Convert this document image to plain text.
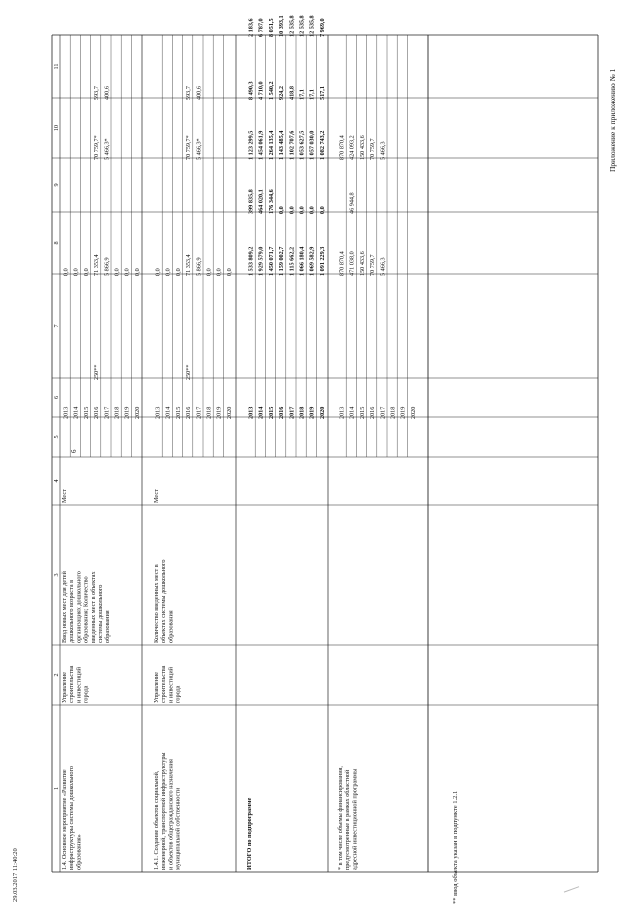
1
2
3
4
5
6
7
8
9
10
11
1.4. Основное мероприятие «Развитие инфраструктуры системы дошкольного образования»
Управление строительства и инвестиций города
Ввод новых мест для детей дошкольного возраста в организациях дошкольного образования; Количество введенных мест в объектах системы дошкольного образования
Мест
2013
0,0
2014
0,0
2015
0,0
2016
250**
71 353,4
70 759,7*
593,7
2017
5 866,9
5 466,3*
400,6
2018
0,0
2019
0,0
2020
0,0
1.4.1. Создание объектов социальной, инженерной, транспортной инфраструктуры и объектов общегражданского назначения муниципальной собственности
Управление строительства и инвестиций города
Количество введенных мест в объектах системы дошкольного образования
Мест
2013
0,0
2014
0,0
2015
0,0
2016
250**
71 353,4
70 759,7*
593,7
2017
5 866,9
5 466,3*
400,6
2018
0,0
2019
0,0
2020
0,0
ИТОГО по подпрограмме
2013
1 533 809,2
399 835,8
1 123 299,5
8 490,3
2 183,6
2014
1 929 579,0
464 020,1
1 454 061,9
4 710,0
6 787,0
2015
1 450 071,7
176 344,6
1 264 135,4
1 540,2
8 051,5
2016
1 159 002,7
0,0
1 143 485,4
924,2
10 393,1
2017
1 115 662,2
0,0
1 102 707,6
418,8
12 535,8
2018
1 066 180,4
0,0
1 053 627,5
17,1
12 535,8
2019
1 069 582,9
0,0
1 057 030,0
17,1
12 535,8
2020
1 091 229,3
0,0
1 082 743,2
517,1
7 969,0
* в том числе объемы финансирования, предусмотренные в рамках областной адресной инвестиционной программы
2013
870 870,4
870 870,4
2014
471 038,0
46 944,8
424 093,2
2015
150 433,6
150 433,6
2016
70 759,7
70 759,7
2017
5 466,3
5 466,3
2018 2019 2020
29.03.2017 11:40:20
6
Приложение к приложению № 1
** ввод объекта указан в подпункте 1.2.1
